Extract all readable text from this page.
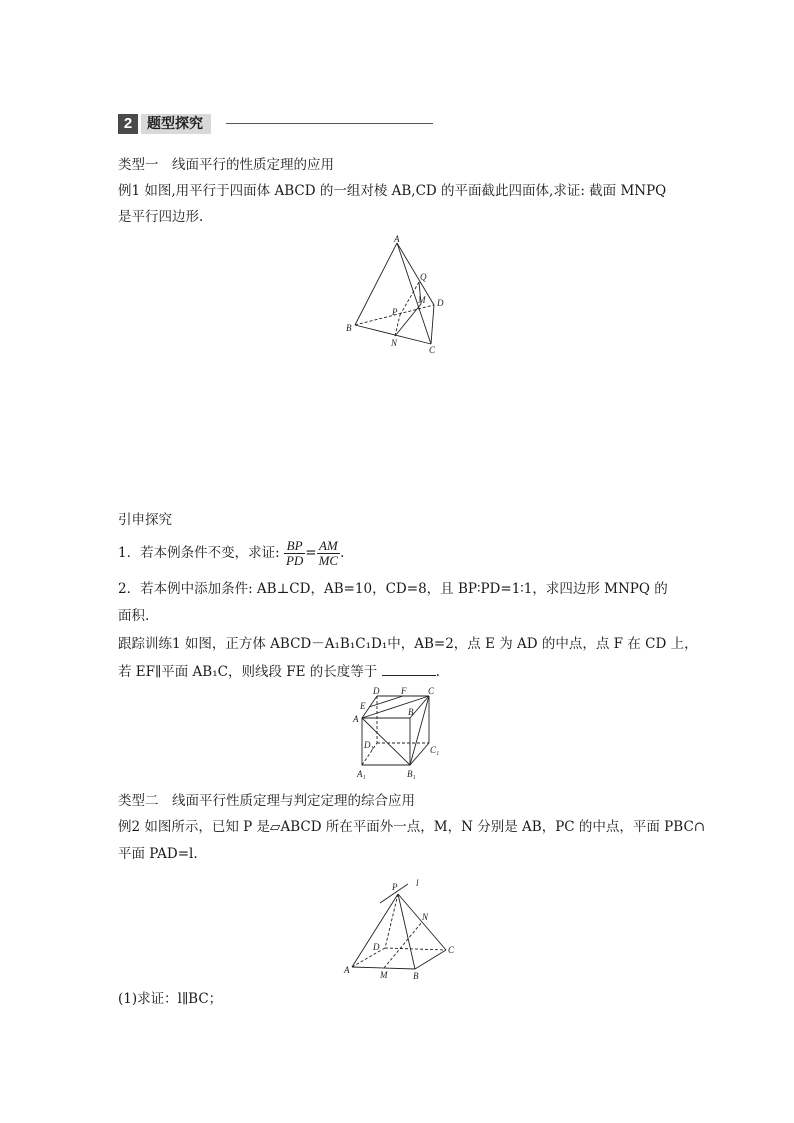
2	题型探究
类型一　线面平行的性质定理的应用
例1 如图,用平行于四面体 ABCD 的一组对棱 AB,CD 的平面截此四面体,求证: 截面 MNPQ
是平行四边形.
A
Q
M D
P
B
N
C
引申探究
1．若本例条件不变，求证: $\frac{BP}{PD} = \frac{AM}{MC}$ .
2．若本例中添加条件: AB⊥CD，AB=10，CD=8，且 BP∶PD=1∶1，求四边形 MNPQ 的
面积.
跟踪训练1 如图，正方体 ABCD－A₁B₁C₁D₁中，AB=2，点 E 为 AD 的中点，点 F 在 CD 上，
若 EF∥平面 AB₁C，则线段 FE 的长度等于	.
D F C
E
A
B
D₁	C₁
A₁	B₁
类型二　线面平行性质定理与判定定理的综合应用
例2 如图所示，已知 P 是▱ABCD 所在平面外一点，M，N 分别是 AB，PC 的中点，平面 PBC∩
平面 PAD=l.
P l
N
D	C
A	M	B
(1)求证：l∥BC；
